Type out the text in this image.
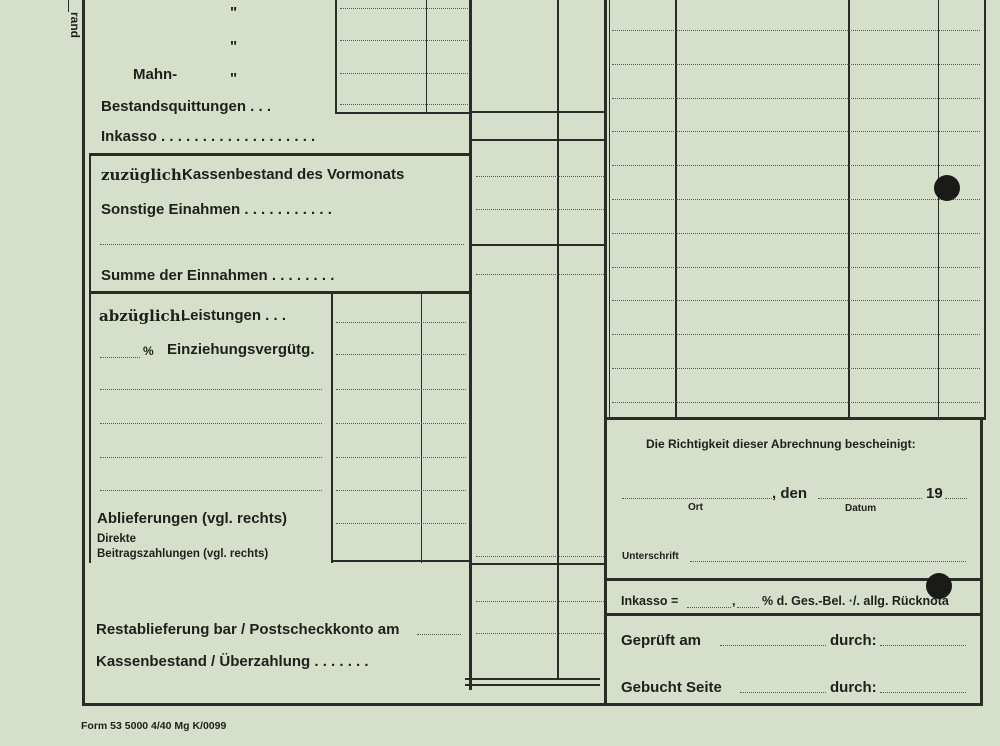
rand	"
"
Mahn-	"
Bestandsquittungen . . .
Inkasso . . . . . . . . . . . . . . . . . . .
zuzüglich:
Kassenbestand des Vormonats
Sonstige Einahmen . . . . . . . . . . .
Summe der Einnahmen . . . . . . . .
abzüglich:
Leistungen . . .
% Einziehungsvergütg.
Ablieferungen (vgl. rechts)
Direkte
Beitragszahlungen (vgl. rechts)
Restablieferung bar / Postscheckkonto am
Kassenbestand / Überzahlung . . . . . . .
Die Richtigkeit dieser Abrechnung bescheinigt:
, den	19
Ort	Datum
Unterschrift
Inkasso =	, % d. Ges.-Bel. ·/. allg. Rücknota
Geprüft am	durch:
Gebucht Seite	durch:
Form 53 5000 4/40 Mg K/0099
